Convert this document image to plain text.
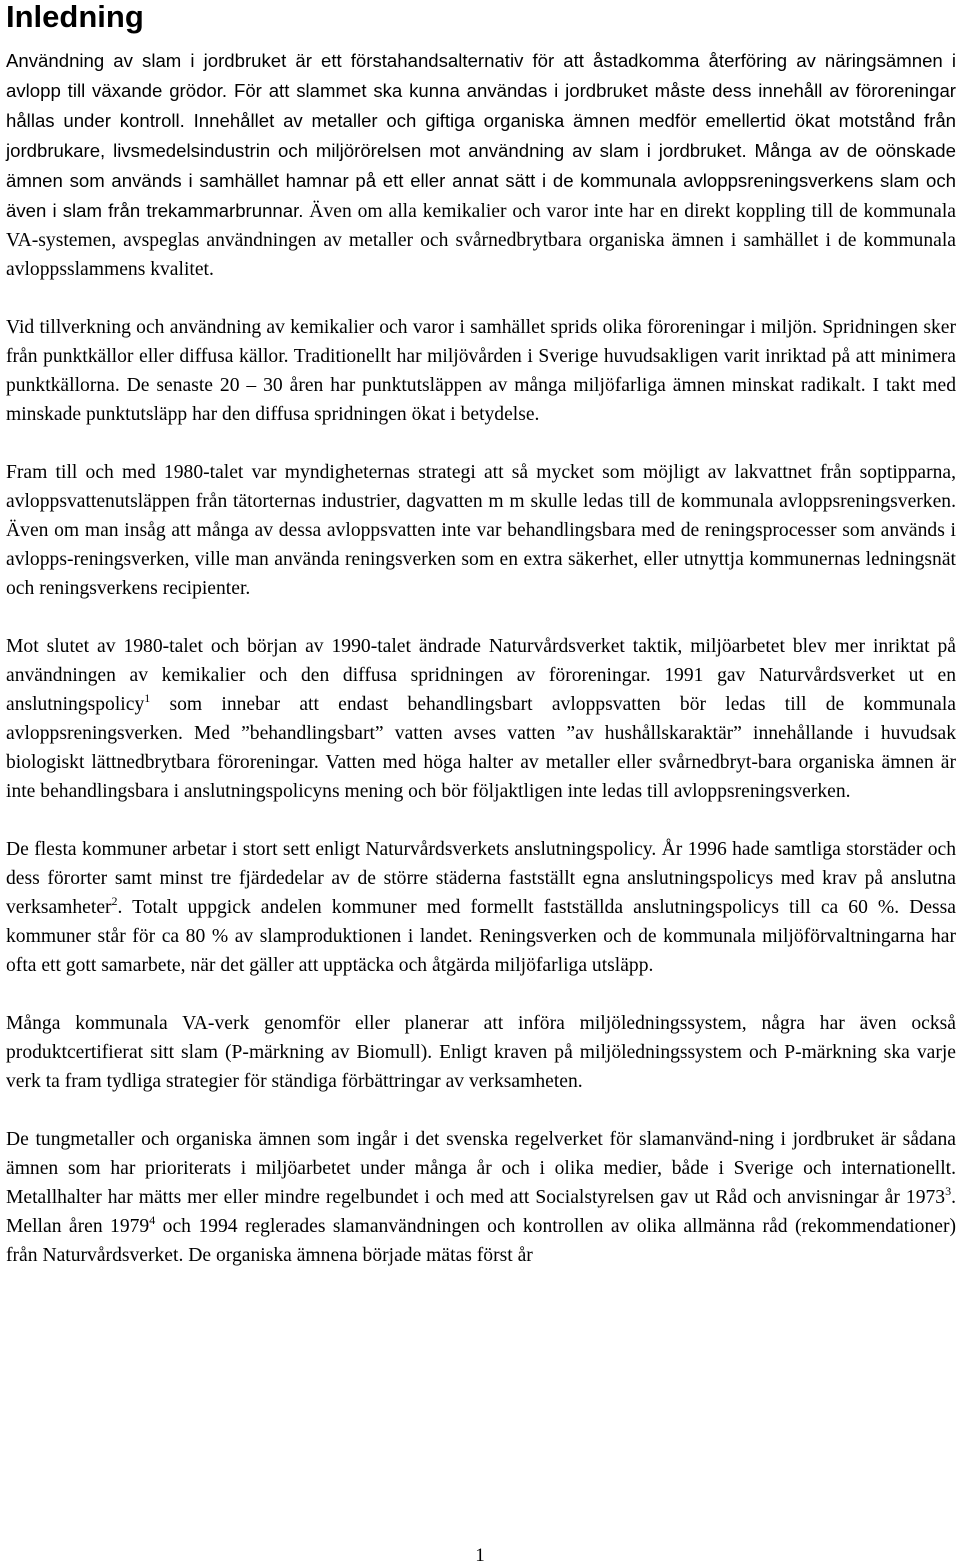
Inledning

Användning av slam i jordbruket är ett förstahandsalternativ för att åstadkomma återföring av näringsämnen i avlopp till växande grödor. För att slammet ska kunna användas i jordbruket måste dess innehåll av föroreningar hållas under kontroll. Innehållet av metaller och giftiga organiska ämnen medför emellertid ökat motstånd från jordbrukare, livsmedelsindustrin och miljörörelsen mot användning av slam i jordbruket. Många av de oönskade ämnen som används i samhället hamnar på ett eller annat sätt i de kommunala avloppsreningsverkens slam och även i slam från trekammarbrunnar. Även om alla kemikalier och varor inte har en direkt koppling till de kommunala VA-systemen, avspeglas användningen av metaller och svårnedbrytbara organiska ämnen i samhället i de kommunala avloppsslammens kvalitet.

Vid tillverkning och användning av kemikalier och varor i samhället sprids olika föroreningar i miljön. Spridningen sker från punktkällor eller diffusa källor. Traditionellt har miljövården i Sverige huvudsakligen varit inriktad på att minimera punktkällorna. De senaste 20 – 30 åren har punktutsläppen av många miljöfarliga ämnen minskat radikalt. I takt med minskade punktutsläpp har den diffusa spridningen ökat i betydelse.

Fram till och med 1980-talet var myndigheternas strategi att så mycket som möjligt av lakvattnet från soptipparna, avloppsvattenutsläppen från tätorternas industrier, dagvatten m m skulle ledas till de kommunala avloppsreningsverken. Även om man insåg att många av dessa avloppsvatten inte var behandlingsbara med de reningsprocesser som används i avlopps-reningsverken, ville man använda reningsverken som en extra säkerhet, eller utnyttja kommunernas ledningsnät och reningsverkens recipienter.

Mot slutet av 1980-talet och början av 1990-talet ändrade Naturvårdsverket taktik, miljöarbetet blev mer inriktat på användningen av kemikalier och den diffusa spridningen av föroreningar. 1991 gav Naturvårdsverket ut en anslutningspolicy$^1$ som innebar att endast behandlingsbart avloppsvatten bör ledas till de kommunala avloppsreningsverken. Med ”behandlingsbart” vatten avses vatten ”av hushållskaraktär” innehållande i huvudsak biologiskt lättnedbrytbara föroreningar. Vatten med höga halter av metaller eller svårnedbryt-bara organiska ämnen är inte behandlingsbara i anslutningspolicyns mening och bör följaktligen inte ledas till avloppsreningsverken.

De flesta kommuner arbetar i stort sett enligt Naturvårdsverkets anslutningspolicy. År 1996 hade samtliga storstäder och dess förorter samt minst tre fjärdedelar av de större städerna fastställt egna anslutningspolicys med krav på anslutna verksamheter$^2$. Totalt uppgick andelen kommuner med formellt fastställda anslutningspolicys till ca 60 %. Dessa kommuner står för ca 80 % av slamproduktionen i landet. Reningsverken och de kommunala miljöförvaltningarna har ofta ett gott samarbete, när det gäller att upptäcka och åtgärda miljöfarliga utsläpp.

Många kommunala VA-verk genomför eller planerar att införa miljöledningssystem, några har även också produktcertifierat sitt slam (P-märkning av Biomull). Enligt kraven på miljöledningssystem och P-märkning ska varje verk ta fram tydliga strategier för ständiga förbättringar av verksamheten.

De tungmetaller och organiska ämnen som ingår i det svenska regelverket för slamanvänd-ning i jordbruket är sådana ämnen som har prioriterats i miljöarbetet under många år och i olika medier, både i Sverige och internationellt. Metallhalter har mätts mer eller mindre regelbundet i och med att Socialstyrelsen gav ut Råd och anvisningar år 1973$^3$. Mellan åren 1979$^4$ och 1994 reglerades slamanvändningen och kontrollen av olika allmänna råd (rekommendationer) från Naturvårdsverket. De organiska ämnena började mätas först år

1
